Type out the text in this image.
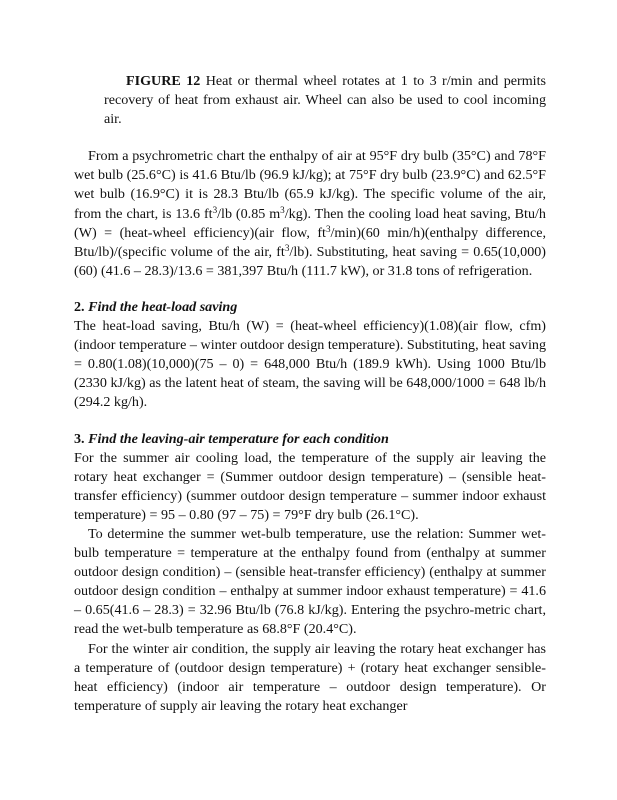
FIGURE 12 Heat or thermal wheel rotates at 1 to 3 r/min and permits recovery of heat from exhaust air. Wheel can also be used to cool incoming air.

From a psychrometric chart the enthalpy of air at 95°F dry bulb (35°C) and 78°F wet bulb (25.6°C) is 41.6 Btu/lb (96.9 kJ/kg); at 75°F dry bulb (23.9°C) and 62.5°F wet bulb (16.9°C) it is 28.3 Btu/lb (65.9 kJ/kg). The specific volume of the air, from the chart, is 13.6 $ft^3/lb$ (0.85 $m^3/kg$). Then the cooling load heat saving, Btu/h (W) = (heat-wheel efficiency)(air flow, $ft^3/\min)(60$ min/h)(enthalpy difference, Btu/lb)/(specific volume of the air, $ft^3/lb$). Substituting, heat saving = 0.65(10,000)(60) (41.6 – 28.3)/13.6 = 381,397 Btu/h (111.7 kW), or 31.8 tons of refrigeration.

2. Find the heat-load saving

The heat-load saving, Btu/h (W) = (heat-wheel efficiency)(1.08)(air flow, cfm)(indoor temperature – winter outdoor design temperature). Substituting, heat saving = 0.80(1.08)(10,000)(75 – 0) = 648,000 Btu/h (189.9 kWh). Using 1000 Btu/lb (2330 kJ/kg) as the latent heat of steam, the saving will be 648,000/1000 = 648 lb/h (294.2 kg/h).

3. Find the leaving-air temperature for each condition

For the summer air cooling load, the temperature of the supply air leaving the rotary heat exchanger = (Summer outdoor design temperature) – (sensible heat-transfer efficiency) (summer outdoor design temperature – summer indoor exhaust temperature) = 95 – 0.80 (97 – 75) = 79°F dry bulb (26.1°C).

To determine the summer wet-bulb temperature, use the relation: Summer wet-bulb temperature = temperature at the enthalpy found from (enthalpy at summer outdoor design condition) – (sensible heat-transfer efficiency) (enthalpy at summer outdoor design condition – enthalpy at summer indoor exhaust temperature) = 41.6 – 0.65(41.6 – 28.3) = 32.96 Btu/lb (76.8 kJ/kg). Entering the psychro-metric chart, read the wet-bulb temperature as 68.8°F (20.4°C).

For the winter air condition, the supply air leaving the rotary heat exchanger has a temperature of (outdoor design temperature) + (rotary heat exchanger sensible-heat efficiency) (indoor air temperature – outdoor design temperature). Or temperature of supply air leaving the rotary heat exchanger
